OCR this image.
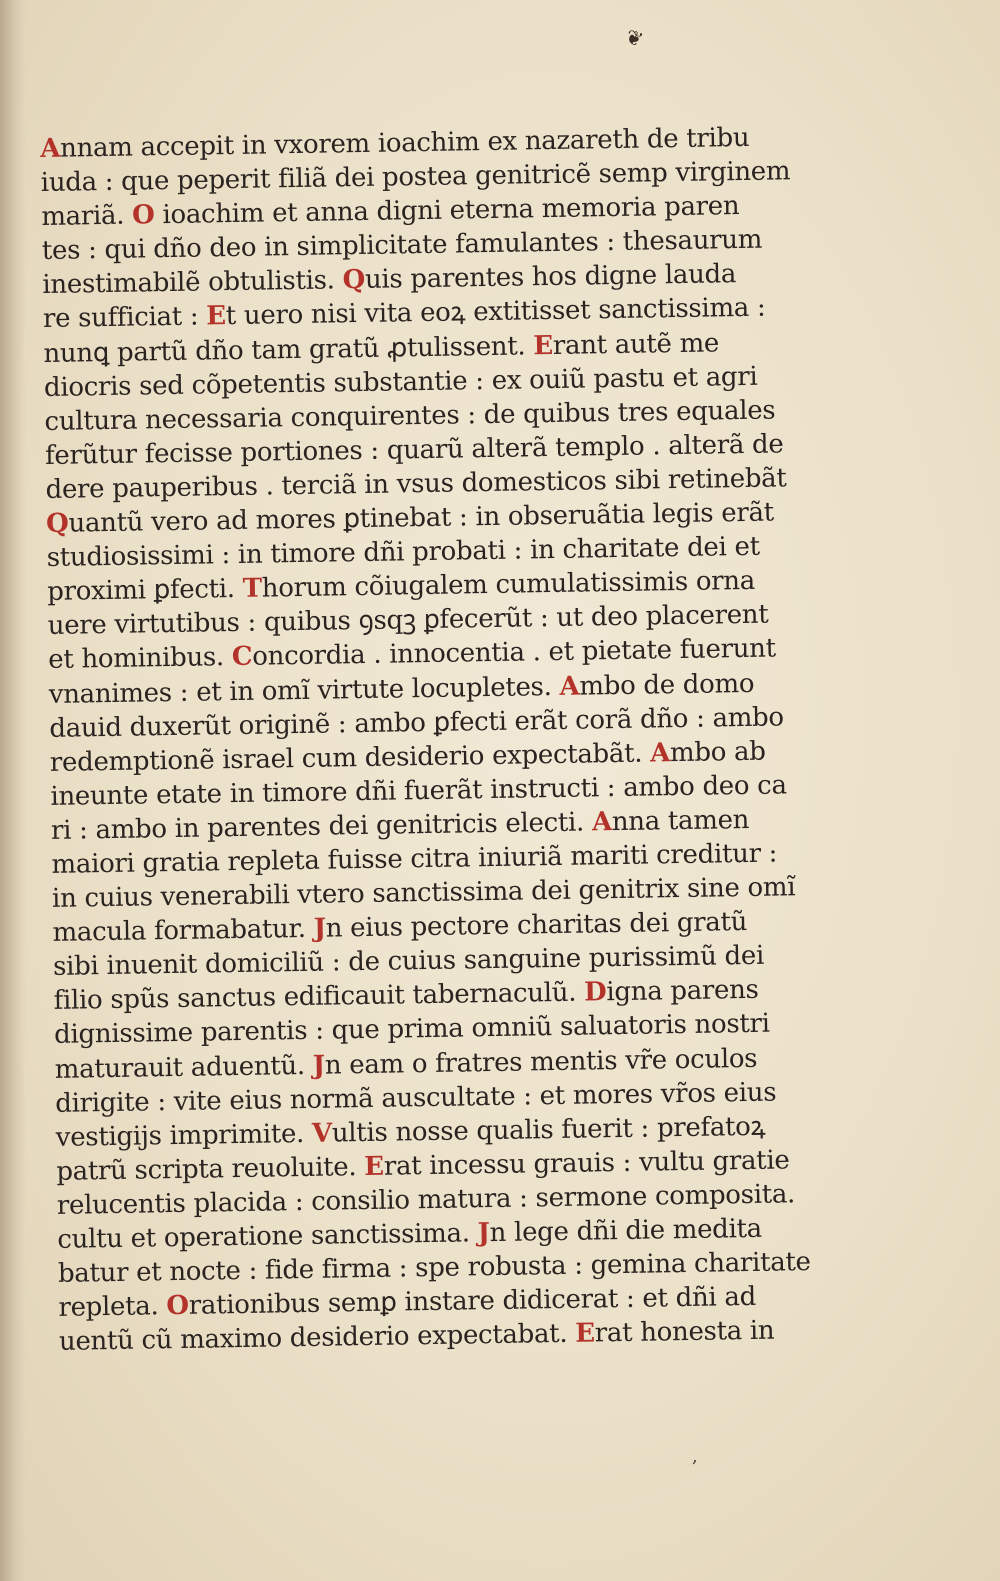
❦
Annam accepit in vxorem ioachim ex nazareth de tribu
iuda : que peperit filiã dei postea genitricẽ semp virginem
mariã. O ioachim et anna digni eterna memoria paren
tes : qui dño deo in simplicitate famulantes : thesaurum
inestimabilẽ obtulistis. Quis parentes hos digne lauda
re sufficiat : Et uero nisi vita eoꝝ extitisset sanctissima :
nunꝗ partũ dño tam gratũ ꝓtulissent. Erant autẽ me
diocris sed cõpetentis substantie : ex ouiũ pastu et agri
cultura necessaria conquirentes : de quibus tres equales
ferũtur fecisse portiones : quarũ alterã templo . alterã de
dere pauperibus . terciã in vsus domesticos sibi retinebãt
Quantũ vero ad mores ꝑtinebat : in obseruãtia legis erãt
studiosissimi : in timore dñi probati : in charitate dei et
proximi ꝑfecti. Thorum cõiugalem cumulatissimis orna
uere virtutibus : quibus ꝯsqꝫ ꝑfecerũt : ut deo placerent
et hominibus. Concordia . innocentia . et pietate fuerunt
vnanimes : et in omĩ virtute locupletes. Ambo de domo
dauid duxerũt originẽ : ambo ꝑfecti erãt corã dño : ambo
redemptionẽ israel cum desiderio expectabãt. Ambo ab
ineunte etate in timore dñi fuerãt instructi : ambo deo ca
ri : ambo in parentes dei genitricis electi. Anna tamen
maiori gratia repleta fuisse citra iniuriã mariti creditur :
in cuius venerabili vtero sanctissima dei genitrix sine omĩ
macula formabatur. Jn eius pectore charitas dei gratũ
sibi inuenit domiciliũ : de cuius sanguine purissimũ dei
filio spũs sanctus edificauit tabernaculũ. Digna parens
dignissime parentis : que prima omniũ saluatoris nostri
maturauit aduentũ. Jn eam o fratres mentis vr̃e oculos
dirigite : vite eius normã auscultate : et mores vr̃os eius
vestigijs imprimite. Vultis nosse qualis fuerit : prefatoꝝ
patrũ scripta reuoluite. Erat incessu grauis : vultu gratie
relucentis placida : consilio matura : sermone composita.
cultu et operatione sanctissima. Jn lege dñi die medita
batur et nocte : fide firma : spe robusta : gemina charitate
repleta. Orationibus semꝑ instare didicerat : et dñi ad
uentũ cũ maximo desiderio expectabat. Erat honesta in
,
